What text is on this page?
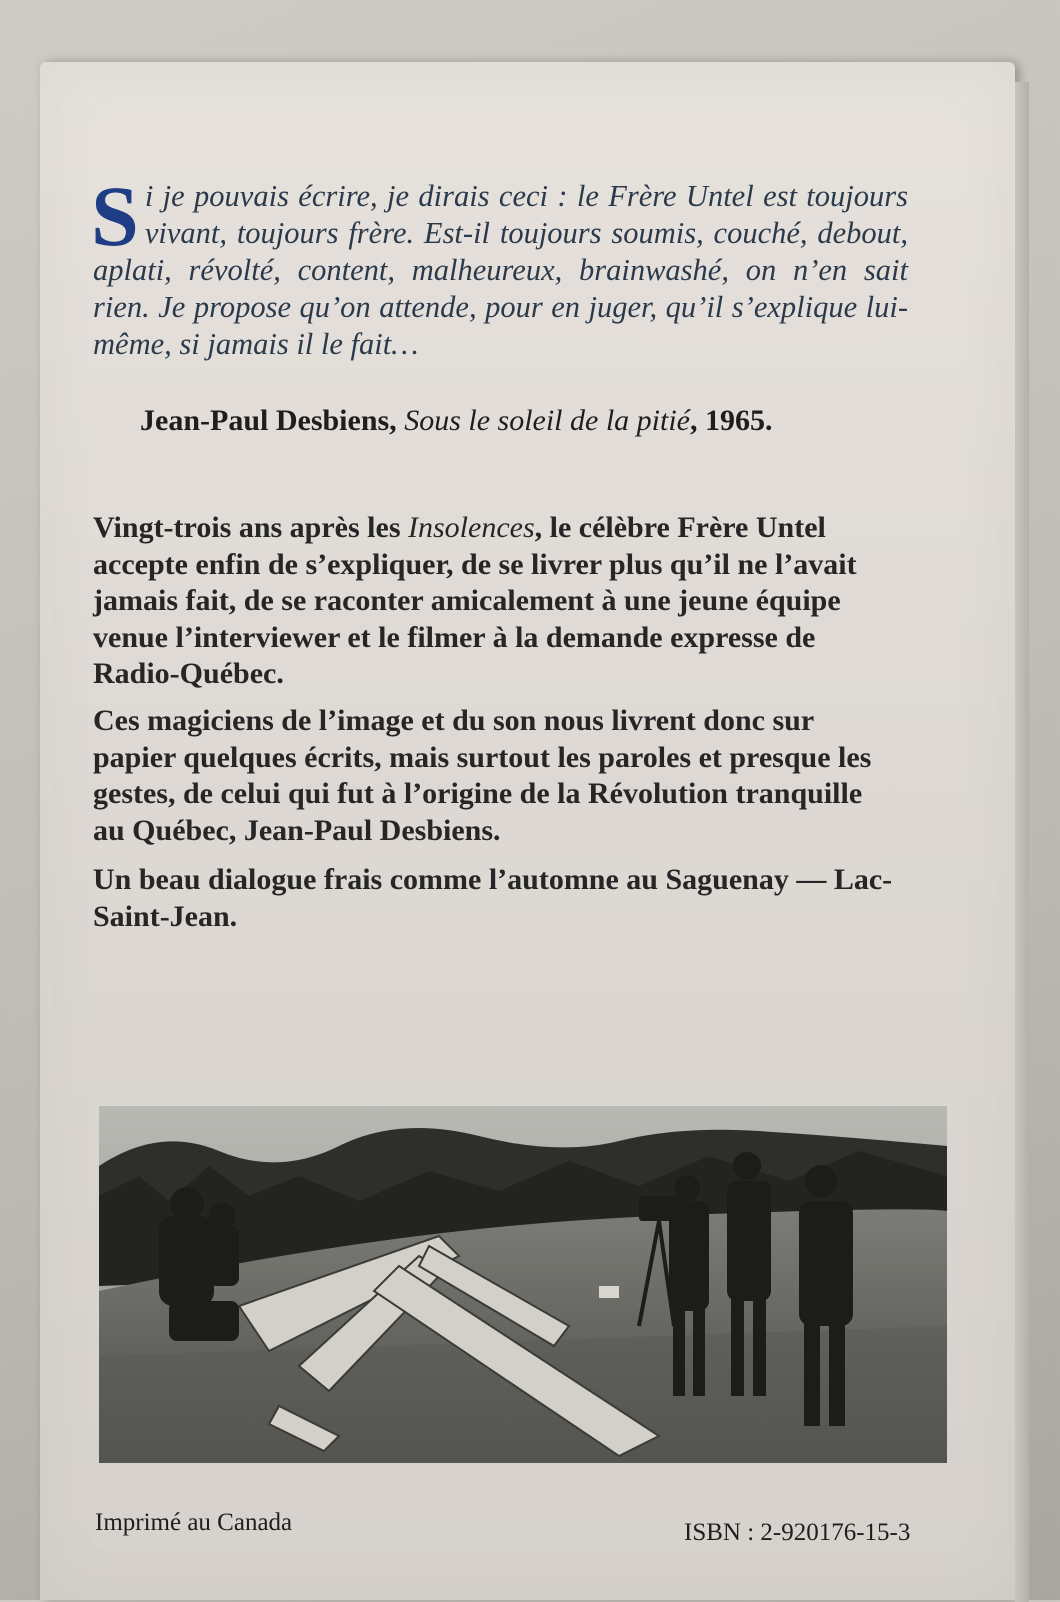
Si je pouvais écrire, je dirais ceci : le Frère Untel est toujours vivant, toujours frère. Est-il toujours soumis, couché, debout, aplati, révolté, content, malheureux, brainwashé, on n’en sait rien. Je propose qu’on attende, pour en juger, qu’il s’explique lui-même, si jamais il le fait…

Jean-Paul Desbiens, Sous le soleil de la pitié, 1965.

Vingt-trois ans après les Insolences, le célèbre Frère Untel accepte enfin de s’expliquer, de se livrer plus qu’il ne l’avait jamais fait, de se raconter amicalement à une jeune équipe venue l’interviewer et le filmer à la demande expresse de Radio-Québec.

Ces magiciens de l’image et du son nous livrent donc sur papier quelques écrits, mais surtout les paroles et presque les gestes, de celui qui fut à l’origine de la Révolution tranquille au Québec, Jean-Paul Desbiens.

Un beau dialogue frais comme l’automne au Saguenay — Lac-Saint-Jean.

Imprimé au Canada	ISBN : 2-920176-15-3
